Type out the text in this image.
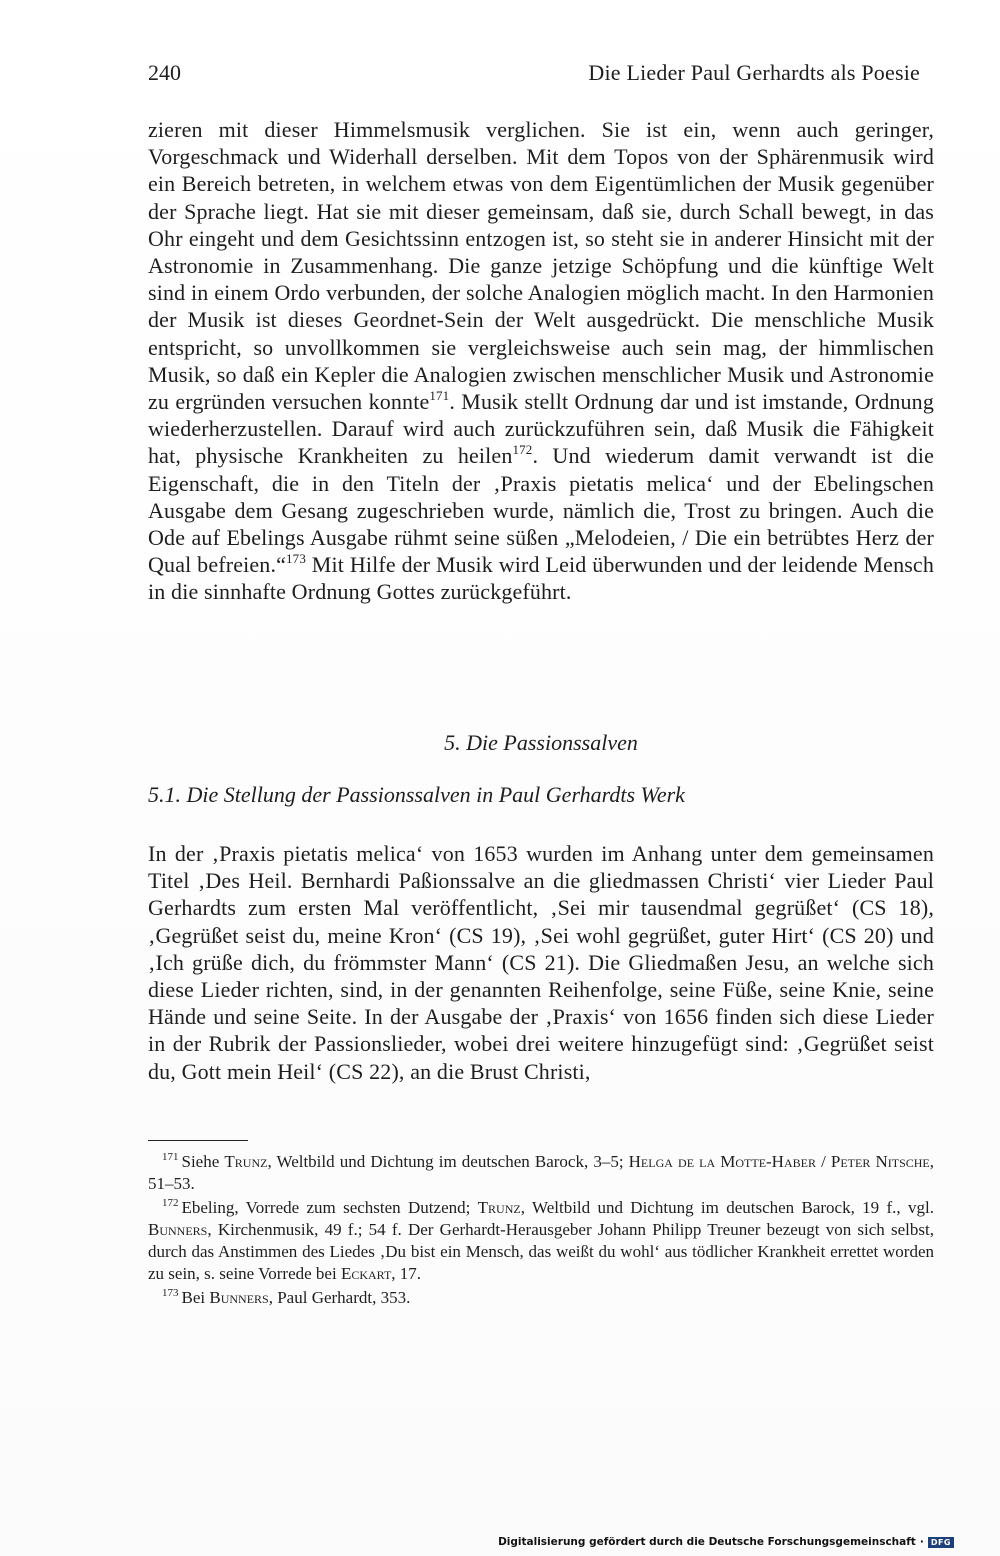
240	Die Lieder Paul Gerhardts als Poesie

zieren mit dieser Himmelsmusik verglichen. Sie ist ein, wenn auch geringer, Vorgeschmack und Widerhall derselben. Mit dem Topos von der Sphärenmusik wird ein Bereich betreten, in welchem etwas von dem Eigentümlichen der Musik gegenüber der Sprache liegt. Hat sie mit dieser gemeinsam, daß sie, durch Schall bewegt, in das Ohr eingeht und dem Gesichtssinn entzogen ist, so steht sie in anderer Hinsicht mit der Astronomie in Zusammenhang. Die ganze jetzige Schöpfung und die künftige Welt sind in einem Ordo verbunden, der solche Analogien möglich macht. In den Harmonien der Musik ist dieses Geordnet-Sein der Welt ausgedrückt. Die menschliche Musik entspricht, so unvollkommen sie vergleichsweise auch sein mag, der himmlischen Musik, so daß ein Kepler die Analogien zwischen menschlicher Musik und Astronomie zu ergründen versuchen konnte$^{171}$. Musik stellt Ordnung dar und ist imstande, Ordnung wiederherzustellen. Darauf wird auch zurückzuführen sein, daß Musik die Fähigkeit hat, physische Krankheiten zu heilen$^{172}$. Und wiederum damit verwandt ist die Eigenschaft, die in den Titeln der ‚Praxis pietatis melica‘ und der Ebelingschen Ausgabe dem Gesang zugeschrieben wurde, nämlich die, Trost zu bringen. Auch die Ode auf Ebelings Ausgabe rühmt seine süßen „Melodeien, / Die ein betrübtes Herz der Qual befreien.“$^{173}$ Mit Hilfe der Musik wird Leid überwunden und der leidende Mensch in die sinnhafte Ordnung Gottes zurückgeführt.

5. Die Passionssalven
5.1. Die Stellung der Passionssalven in Paul Gerhardts Werk

In der ‚Praxis pietatis melica‘ von 1653 wurden im Anhang unter dem gemeinsamen Titel ‚Des Heil. Bernhardi Paßionssalve an die gliedmassen Christi‘ vier Lieder Paul Gerhardts zum ersten Mal veröffentlicht, ‚Sei mir tausendmal gegrüßet‘ (CS 18), ‚Gegrüßet seist du, meine Kron‘ (CS 19), ‚Sei wohl gegrüßet, guter Hirt‘ (CS 20) und ‚Ich grüße dich, du frömmster Mann‘ (CS 21). Die Gliedmaßen Jesu, an welche sich diese Lieder richten, sind, in der genannten Reihenfolge, seine Füße, seine Knie, seine Hände und seine Seite. In der Ausgabe der ‚Praxis‘ von 1656 finden sich diese Lieder in der Rubrik der Passionslieder, wobei drei weitere hinzugefügt sind: ‚Gegrüßet seist du, Gott mein Heil‘ (CS 22), an die Brust Christi,

$^{171}$ Siehe Trunz, Weltbild und Dichtung im deutschen Barock, 3–5; Helga de la Motte-Haber / Peter Nitsche, 51–53.

$^{172}$ Ebeling, Vorrede zum sechsten Dutzend; Trunz, Weltbild und Dichtung im deutschen Barock, 19 f., vgl. Bunners, Kirchenmusik, 49 f.; 54 f. Der Gerhardt-Herausgeber Johann Philipp Treuner bezeugt von sich selbst, durch das Anstimmen des Liedes ‚Du bist ein Mensch, das weißt du wohl‘ aus tödlicher Krankheit errettet worden zu sein, s. seine Vorrede bei Eckart, 17.

$^{173}$ Bei Bunners, Paul Gerhardt, 353.

Digitalisierung gefördert durch die Deutsche Forschungsgemeinschaft · DFG
